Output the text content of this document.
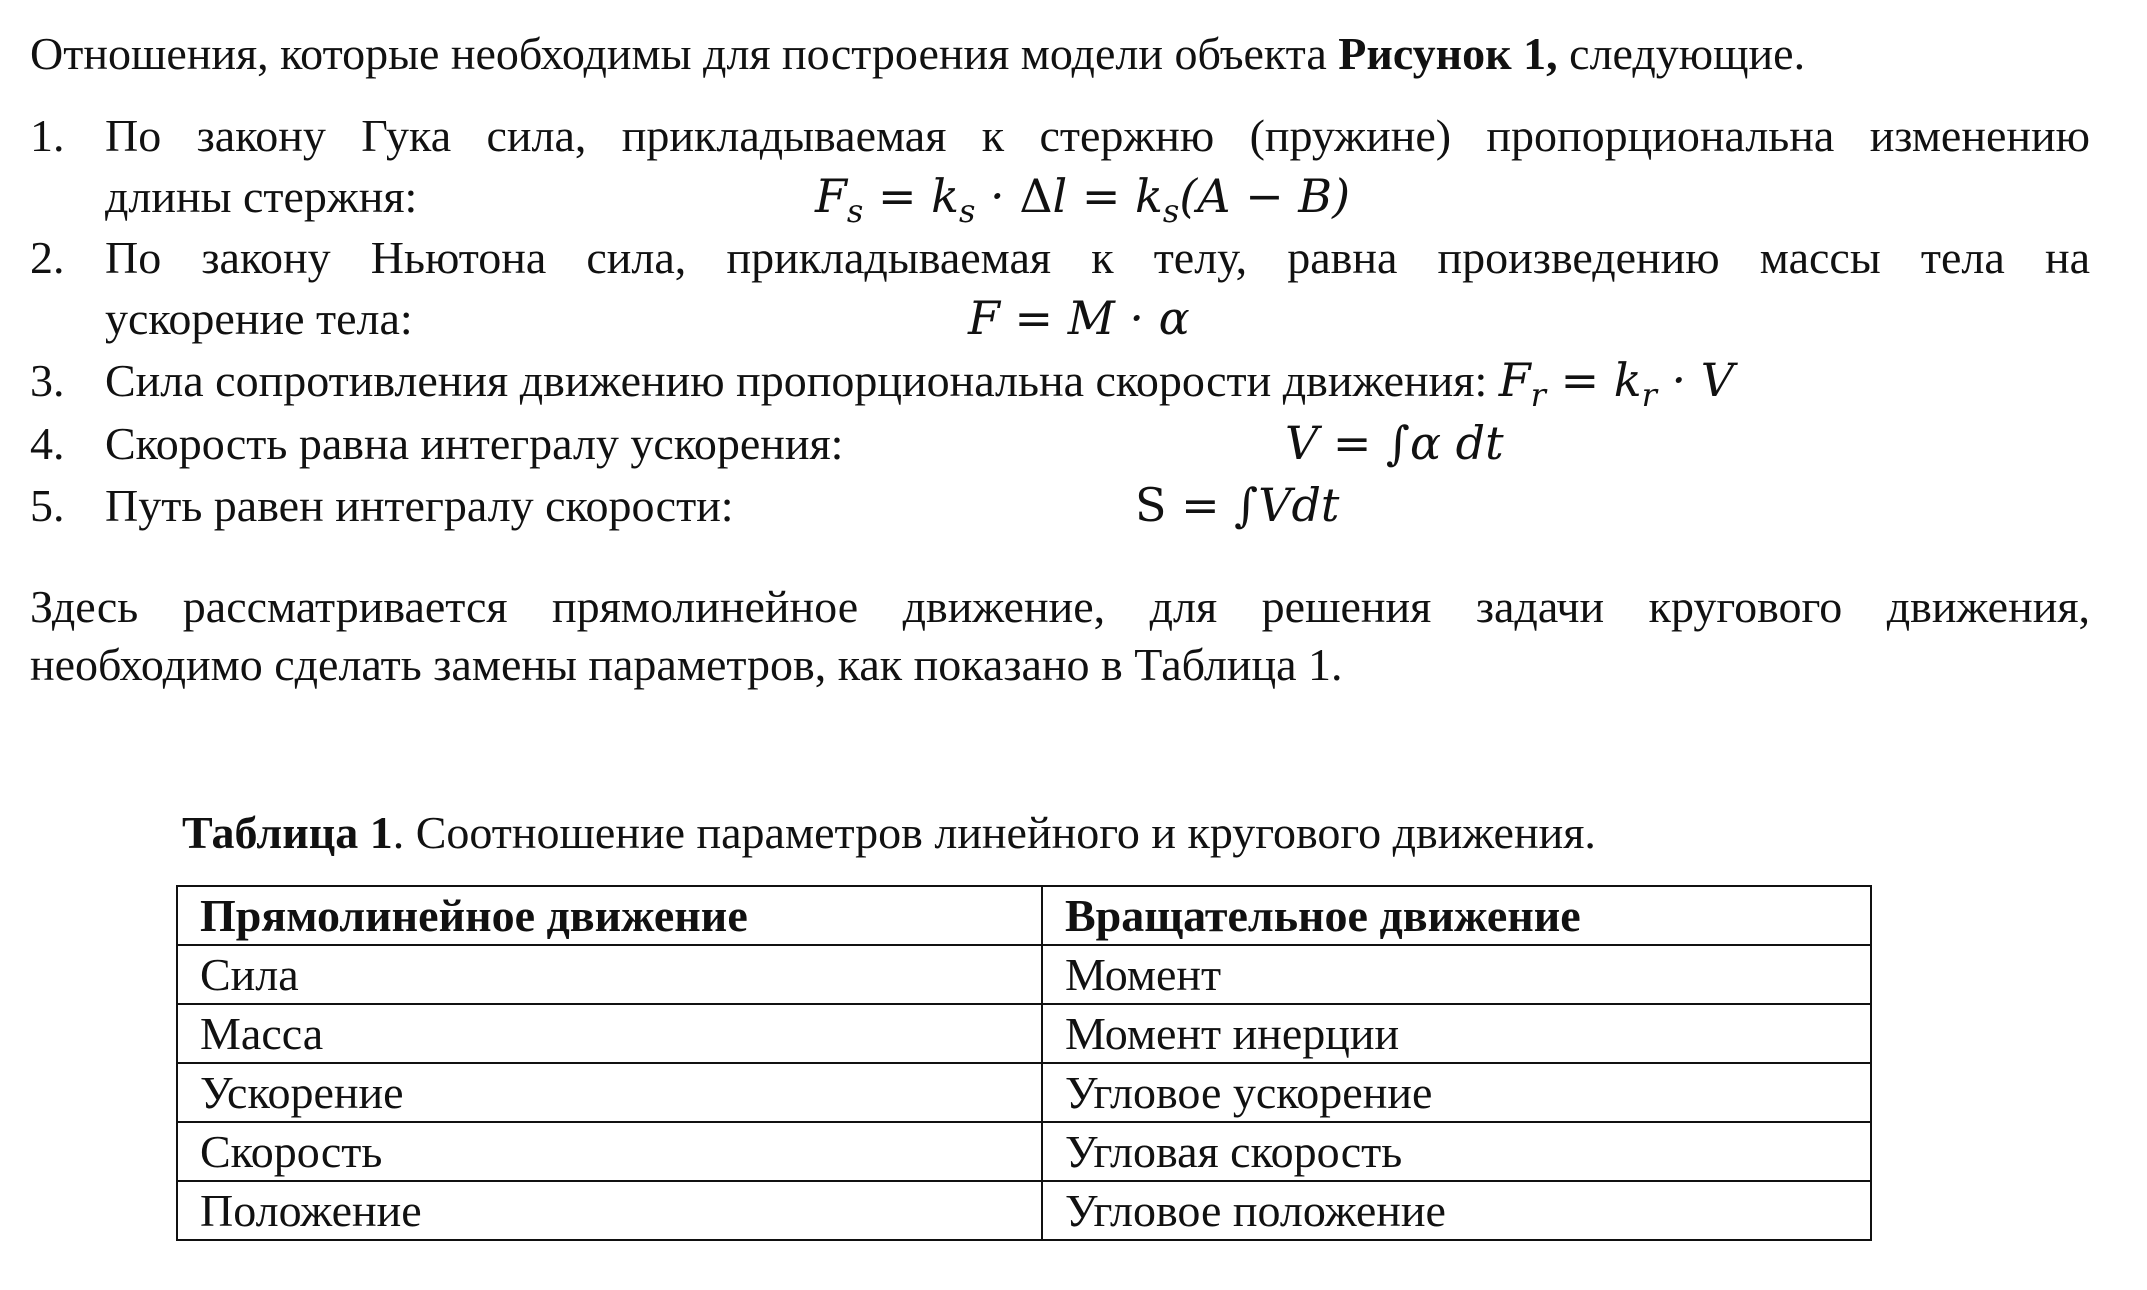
Отношения, которые необходимы для построения модели объекта Рисунок 1, следующие.
1. По закону Гука сила, прикладываемая к стержню (пружине) пропорциональна изменению
длины стержня:	$F_s = k_s \cdot \Delta l = k_s(A - B)$
2. По закону Ньютона сила, прикладываемая к телу, равна произведению массы тела на
ускорение тела:	F = M · α
3. Сила сопротивления движению пропорциональна скорости движения: $F_r = k_r \cdot V$
4. Скорость равна интегралу ускорения:	V = ∫α dt
5. Путь равен интегралу скорости:	S = ∫Vdt
Здесь рассматривается прямолинейное движение, для решения задачи кругового движения,
необходимо сделать замены параметров, как показано в Таблица 1.
Таблица 1. Соотношение параметров линейного и кругового движения.
Прямолинейное движение	Вращательное движение
Сила	Момент
Масса	Момент инерции
Ускорение	Угловое ускорение
Скорость	Угловая скорость
Положение	Угловое положение
